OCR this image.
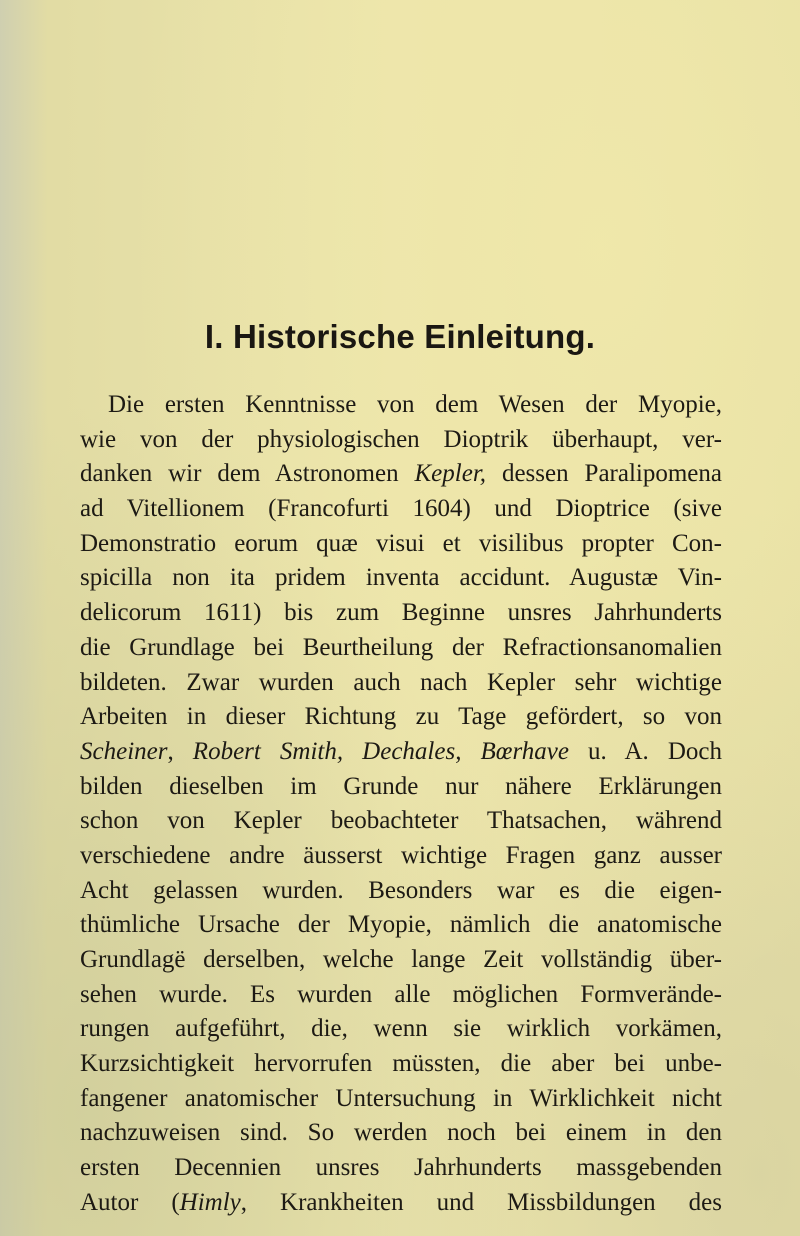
I. Historische Einleitung.
Die ersten Kenntnisse von dem Wesen der Myopie,
wie von der physiologischen Dioptrik überhaupt, ver-
danken wir dem Astronomen Kepler, dessen Paralipomena
ad Vitellionem (Francofurti 1604) und Dioptrice (sive
Demonstratio eorum quæ visui et visilibus propter Con-
spicilla non ita pridem inventa accidunt. Augustæ Vin-
delicorum 1611) bis zum Beginne unsres Jahrhunderts
die Grundlage bei Beurtheilung der Refractionsanomalien
bildeten. Zwar wurden auch nach Kepler sehr wichtige
Arbeiten in dieser Richtung zu Tage gefördert, so von
Scheiner, Robert Smith, Dechales, Bœrhave u. A. Doch
bilden dieselben im Grunde nur nähere Erklärungen
schon von Kepler beobachteter Thatsachen, während
verschiedene andre äusserst wichtige Fragen ganz ausser
Acht gelassen wurden. Besonders war es die eigen-
thümliche Ursache der Myopie, nämlich die anatomische
Grundlagë derselben, welche lange Zeit vollständig über-
sehen wurde. Es wurden alle möglichen Formverände-
rungen aufgeführt, die, wenn sie wirklich vorkämen,
Kurzsichtigkeit hervorrufen müssten, die aber bei unbe-
fangener anatomischer Untersuchung in Wirklichkeit nicht
nachzuweisen sind. So werden noch bei einem in den
ersten Decennien unsres Jahrhunderts massgebenden
Autor (Himly, Krankheiten und Missbildungen des
